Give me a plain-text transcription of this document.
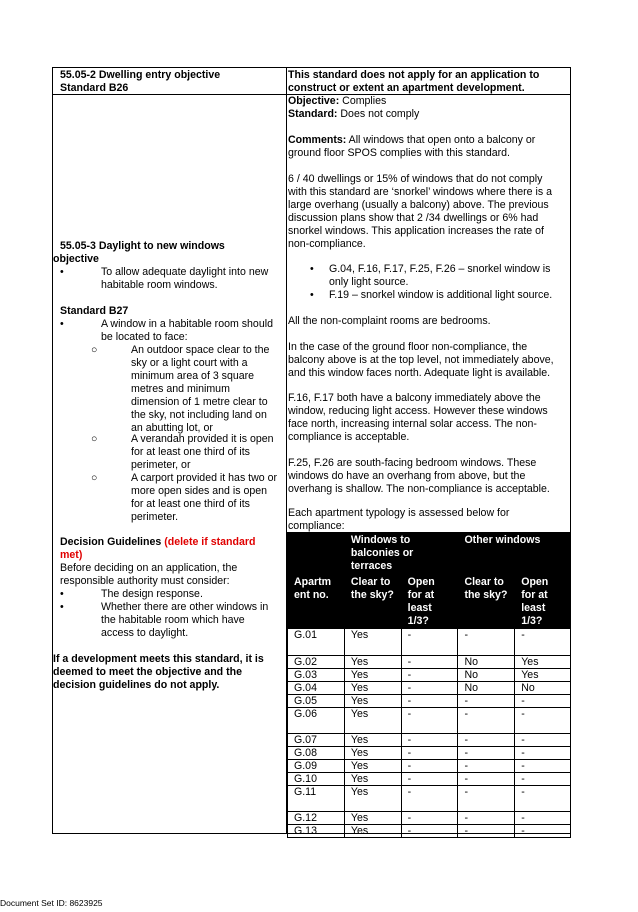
55.05-2 Dwelling entry objective
Standard B26
This standard does not apply for an application to
construct or extent an apartment development.
55.05-3 Daylight to new windows
objective
•	To allow adequate daylight into new
habitable room windows.
Standard B27
•	A window in a habitable room should
be located to face:
○	An outdoor space clear to the
sky or a light court with a
minimum area of 3 square
metres and minimum
dimension of 1 metre clear to
the sky, not including land on
an abutting lot, or
○	A verandah provided it is open
for at least one third of its
perimeter, or
○	A carport provided it has two or
more open sides and is open
for at least one third of its
perimeter.
Decision Guidelines (delete if standard
met)
Before deciding on an application, the
responsible authority must consider:
•	The design response.
•	Whether there are other windows in
the habitable room which have
access to daylight.
If a development meets this standard, it is
deemed to meet the objective and the
decision guidelines do not apply.
Objective: Complies
Standard: Does not comply
Comments: All windows that open onto a balcony or
ground floor SPOS complies with this standard.
6 / 40 dwellings or 15% of windows that do not comply
with this standard are ‘snorkel’ windows where there is a
large overhang (usually a balcony) above. The previous
discussion plans show that 2 /34 dwellings or 6% had
snorkel windows. This application increases the rate of
non-compliance.
• G.04, F.16, F.17, F.25, F.26 – snorkel window is
only light source.
• F.19 – snorkel window is additional light source.
All the non-complaint rooms are bedrooms.
In the case of the ground floor non-compliance, the
balcony above is at the top level, not immediately above,
and this window faces north. Adequate light is available.
F.16, F.17 both have a balcony immediately above the
window, reducing light access. However these windows
face north, increasing internal solar access. The non-
compliance is acceptable.
F.25, F.26 are south-facing bedroom windows. These
windows do have an overhang from above, but the
overhang is shallow. The non-compliance is acceptable.
Each apartment typology is assessed below for
compliance:
	Windows to balconies or terraces		Other windows	
Apartm ent no.	Clear to the sky?	Open for at least 1/3?	Clear to the sky?	Open for at least 1/3?
G.01	Yes	-	-	-
G.02	Yes	-	No	Yes
G.03	Yes	-	No	Yes
G.04	Yes	-	No	No
G.05	Yes	-	-	-
G.06	Yes	-	-	-
G.07	Yes	-	-	-
G.08	Yes	-	-	-
G.09	Yes	-	-	-
G.10	Yes	-	-	-
G.11	Yes	-	-	-
G.12	Yes	-	-	-
G.13	Yes	-	-	-
Document Set ID: 8623925
